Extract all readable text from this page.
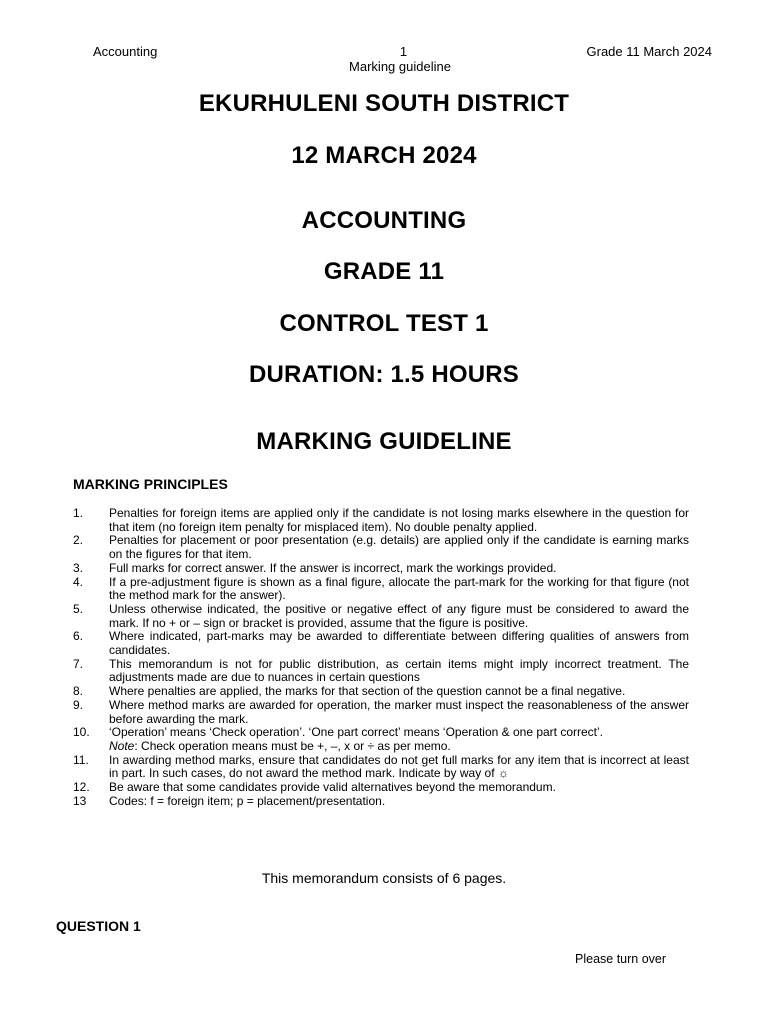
Accounting	1	Grade 11 March 2024
Marking guideline
EKURHULENI SOUTH DISTRICT
12 MARCH 2024
ACCOUNTING
GRADE 11
CONTROL TEST 1
DURATION: 1.5 HOURS
MARKING GUIDELINE
MARKING PRINCIPLES
1.	Penalties for foreign items are applied only if the candidate is not losing marks elsewhere in the question for that item (no foreign item penalty for misplaced item). No double penalty applied.
2.	Penalties for placement or poor presentation (e.g. details) are applied only if the candidate is earning marks on the figures for that item.
3.	Full marks for correct answer. If the answer is incorrect, mark the workings provided.
4.	If a pre-adjustment figure is shown as a final figure, allocate the part-mark for the working for that figure (not the method mark for the answer).
5.	Unless otherwise indicated, the positive or negative effect of any figure must be considered to award the mark. If no + or – sign or bracket is provided, assume that the figure is positive.
6.	Where indicated, part-marks may be awarded to differentiate between differing qualities of answers from candidates.
7.	This memorandum is not for public distribution, as certain items might imply incorrect treatment. The adjustments made are due to nuances in certain questions
8.	Where penalties are applied, the marks for that section of the question cannot be a final negative.
9.	Where method marks are awarded for operation, the marker must inspect the reasonableness of the answer before awarding the mark.
10.	‘Operation’ means ‘Check operation’. ‘One part correct’ means ‘Operation & one part correct’.
Note: Check operation means must be +, –, x or ÷ as per memo.
11.	In awarding method marks, ensure that candidates do not get full marks for any item that is incorrect at least in part. In such cases, do not award the method mark. Indicate by way of ☼
12.	Be aware that some candidates provide valid alternatives beyond the memorandum.
13	Codes: f = foreign item; p = placement/presentation.
This memorandum consists of 6 pages.
QUESTION 1
Please turn over
